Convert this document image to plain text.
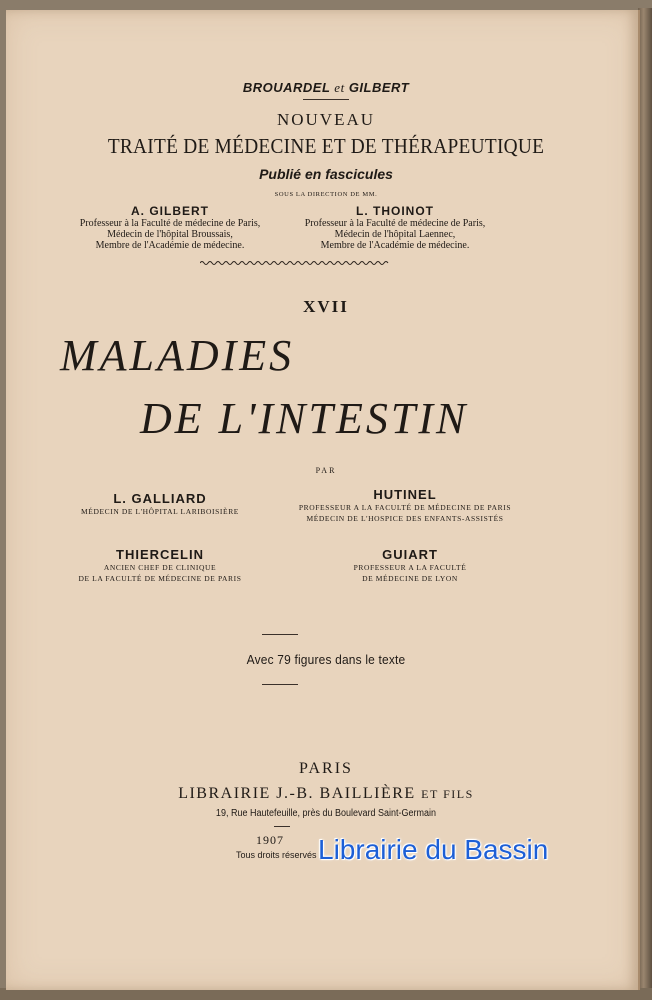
BROUARDEL et GILBERT
NOUVEAU
TRAITÉ DE MÉDECINE ET DE THÉRAPEUTIQUE
Publié en fascicules
SOUS LA DIRECTION DE MM.
A. GILBERT
Professeur à la Faculté de médecine de Paris,
Médecin de l'hôpital Broussais,
Membre de l'Académie de médecine.
L. THOINOT
Professeur à la Faculté de médecine de Paris,
Médecin de l'hôpital Laennec,
Membre de l'Académie de médecine.
XVII
MALADIES
DE L'INTESTIN
PAR
L. GALLIARD
MÉDECIN DE L'HÔPITAL LARIBOISIÈRE
HUTINEL
PROFESSEUR A LA FACULTÉ DE MÉDECINE DE PARIS
MÉDECIN DE L'HOSPICE DES ENFANTS-ASSISTÉS
THIERCELIN
ANCIEN CHEF DE CLINIQUE
DE LA FACULTÉ DE MÉDECINE DE PARIS
GUIART
PROFESSEUR A LA FACULTÉ
DE MÉDECINE DE LYON
Avec 79 figures dans le texte
PARIS
LIBRAIRIE J.-B. BAILLIÈRE ET FILS
19, Rue Hautefeuille, près du Boulevard Saint-Germain
1907
Tous droits réservés Librairie du Bassin
